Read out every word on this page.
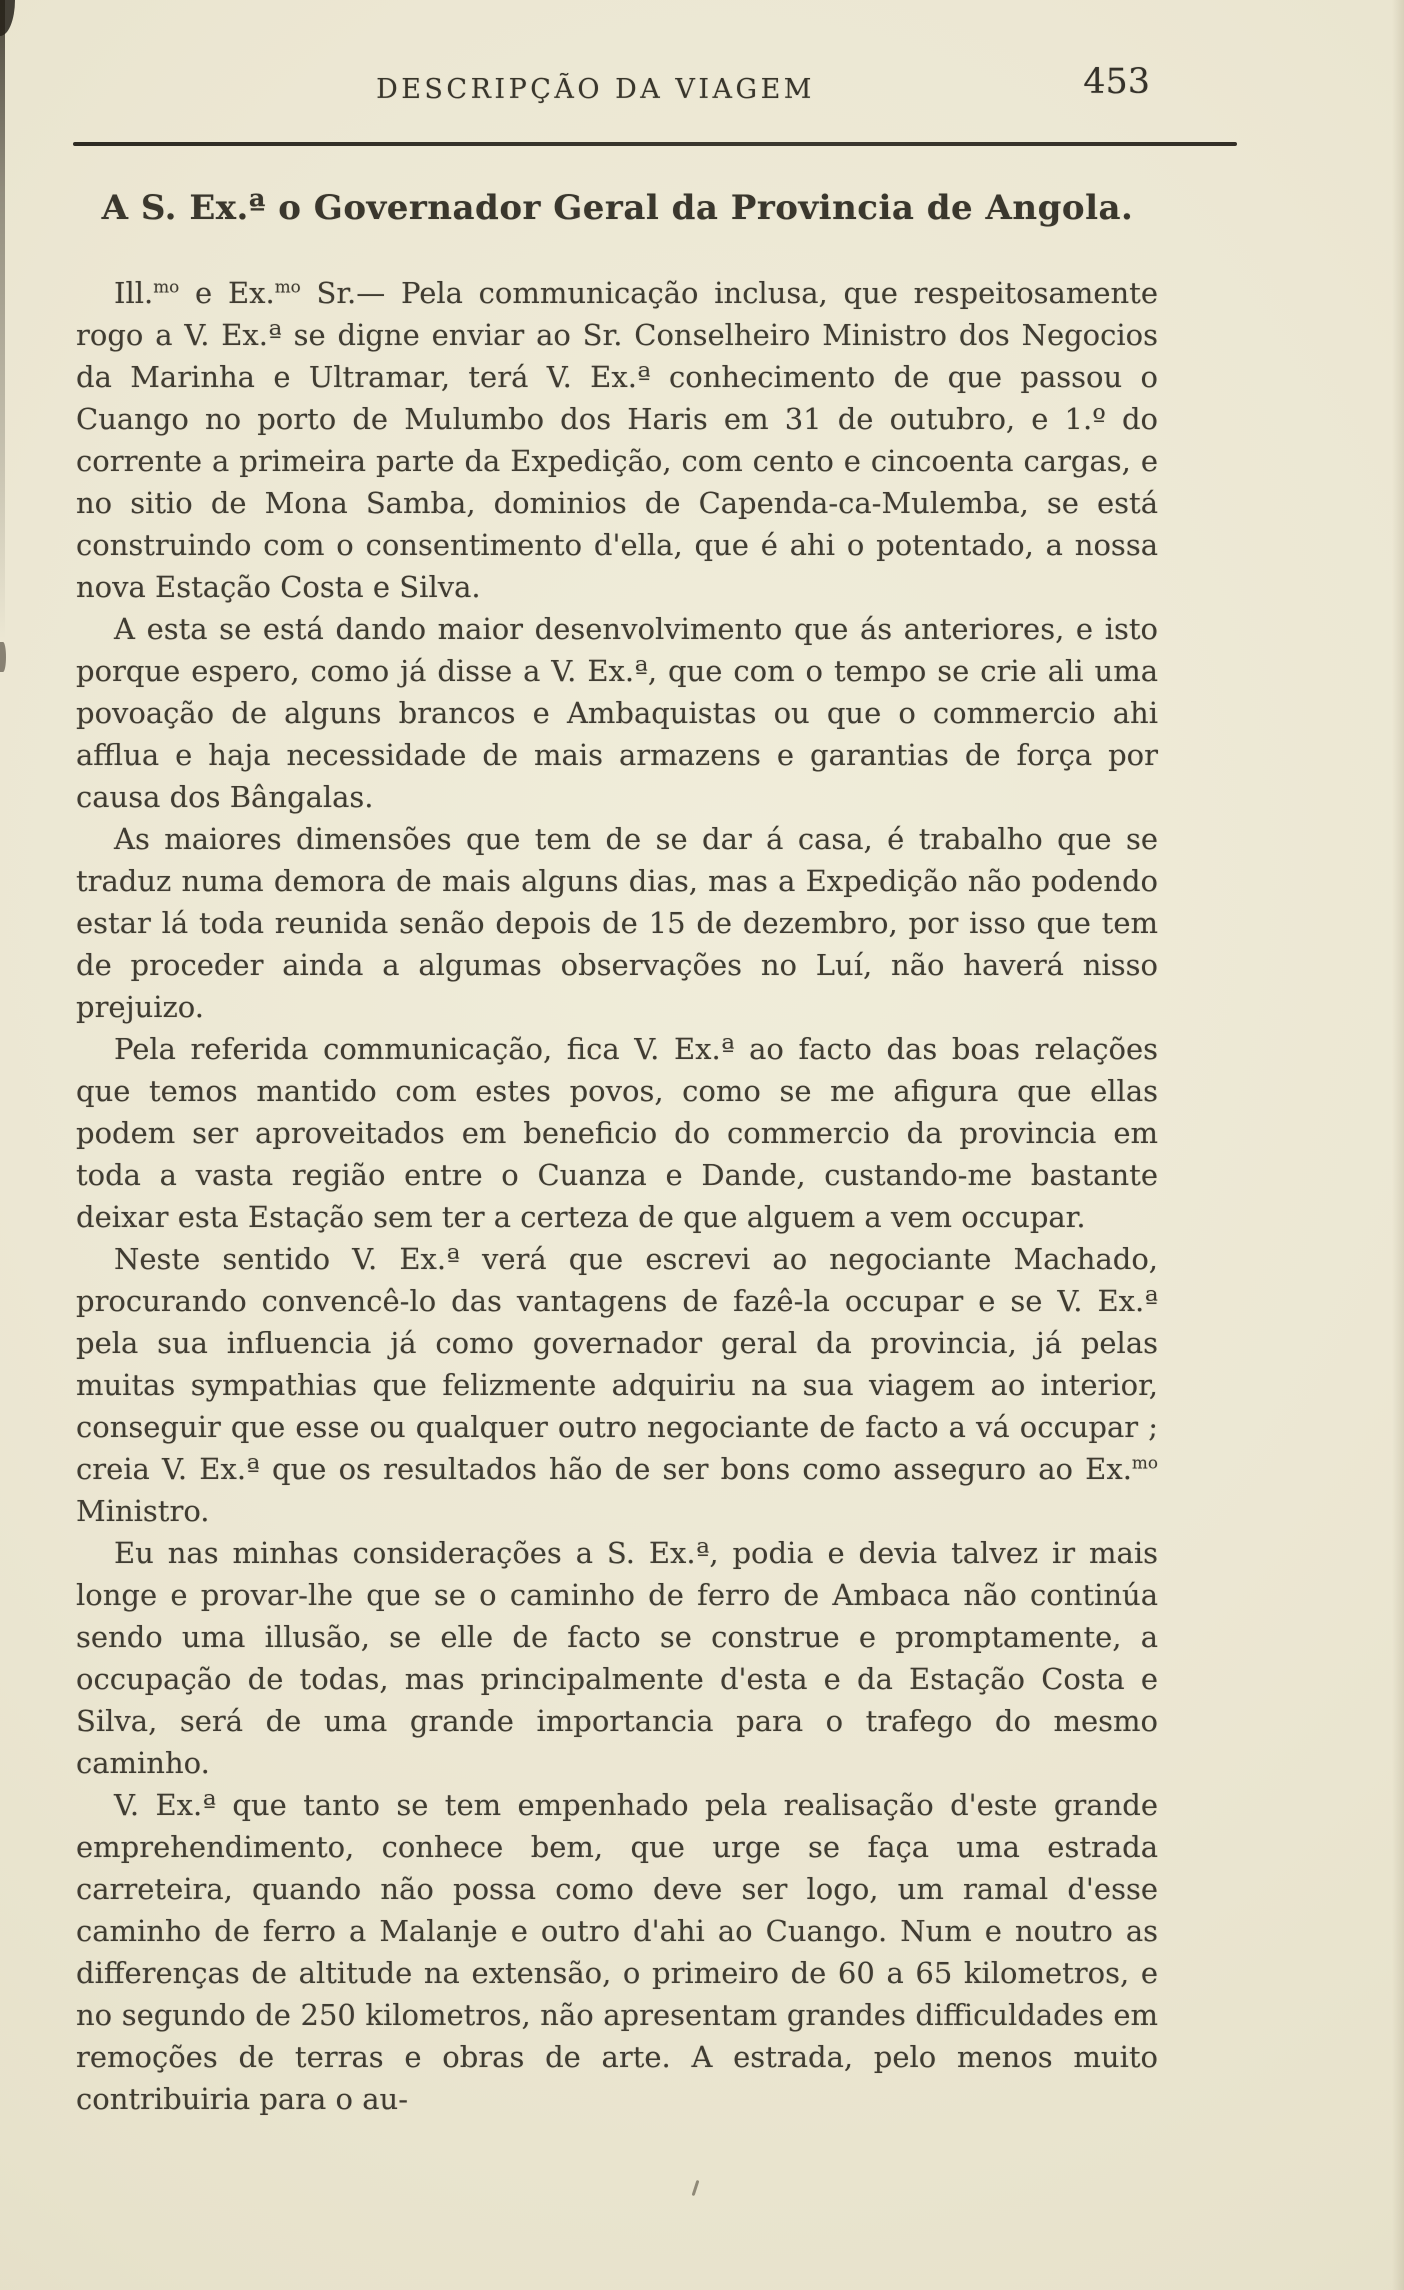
DESCRIPÇÃO DA VIAGEM	453
A S. Ex.ª o Governador Geral da Provincia de Angola.

Ill.$^{mo}$ e Ex.$^{mo}$ Sr.— Pela communicação inclusa, que respeitosamente rogo a V. Ex.ª se digne enviar ao Sr. Conselheiro Ministro dos Negocios da Marinha e Ultramar, terá V. Ex.ª conhecimento de que passou o Cuango no porto de Mulumbo dos Haris em 31 de outubro, e 1.º do corrente a primeira parte da Expedição, com cento e cincoenta cargas, e no sitio de Mona Samba, dominios de Capenda-ca-Mulemba, se está construindo com o consentimento d'ella, que é ahi o potentado, a nossa nova Estação Costa e Silva.

A esta se está dando maior desenvolvimento que ás anteriores, e isto porque espero, como já disse a V. Ex.ª, que com o tempo se crie ali uma povoação de alguns brancos e Ambaquistas ou que o commercio ahi afflua e haja necessidade de mais armazens e garantias de força por causa dos Bângalas.

As maiores dimensões que tem de se dar á casa, é trabalho que se traduz numa demora de mais alguns dias, mas a Expedição não podendo estar lá toda reunida senão depois de 15 de dezembro, por isso que tem de proceder ainda a algumas observações no Luí, não haverá nisso prejuizo.

Pela referida communicação, fica V. Ex.ª ao facto das boas relações que temos mantido com estes povos, como se me afigura que ellas podem ser aproveitados em beneficio do commercio da provincia em toda a vasta região entre o Cuanza e Dande, custando-me bastante deixar esta Estação sem ter a certeza de que alguem a vem occupar.

Neste sentido V. Ex.ª verá que escrevi ao negociante Machado, procurando convencê-lo das vantagens de fazê-la occupar e se V. Ex.ª pela sua influencia já como governador geral da provincia, já pelas muitas sympathias que felizmente adquiriu na sua viagem ao interior, conseguir que esse ou qualquer outro negociante de facto a vá occupar ; creia V. Ex.ª que os resultados hão de ser bons como asseguro ao Ex.$^{mo}$ Ministro.

Eu nas minhas considerações a S. Ex.ª, podia e devia talvez ir mais longe e provar-lhe que se o caminho de ferro de Ambaca não continúa sendo uma illusão, se elle de facto se construe e promptamente, a occupação de todas, mas principalmente d'esta e da Estação Costa e Silva, será de uma grande importancia para o trafego do mesmo caminho.

V. Ex.ª que tanto se tem empenhado pela realisação d'este grande emprehendimento, conhece bem, que urge se faça uma estrada carreteira, quando não possa como deve ser logo, um ramal d'esse caminho de ferro a Malanje e outro d'ahi ao Cuango. Num e noutro as differenças de altitude na extensão, o primeiro de 60 a 65 kilometros, e no segundo de 250 kilometros, não apresentam grandes difficuldades em remoções de terras e obras de arte. A estrada, pelo menos muito contribuiria para o au-
